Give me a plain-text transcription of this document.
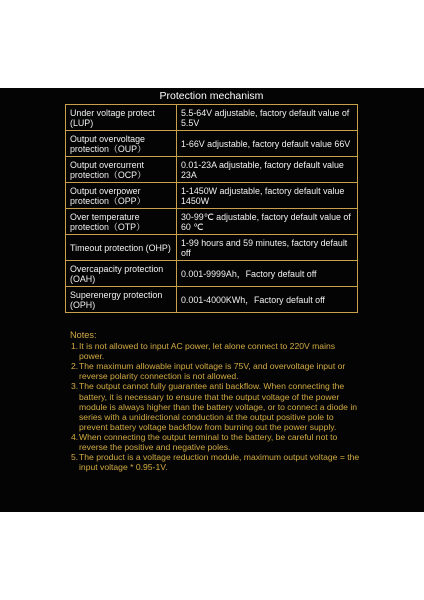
Protection mechanism
Under voltage protect (LUP)	5.5-64V adjustable, factory default value of 5.5V
Output overvoltage protection（OUP）	1-66V adjustable, factory default value 66V
Output overcurrent protection（OCP）	0.01-23A adjustable, factory default value 23A
Output overpower protection（OPP）	1-1450W adjustable, factory default value 1450W
Over temperature protection（OTP）	30-99℃ adjustable, factory default value of 60 ℃
Timeout protection (OHP)	1-99 hours and 59 minutes, factory default off
Overcapacity protection (OAH)	0.001-9999Ah，Factory default off
Superenergy protection (OPH)	0.001-4000KWh，Factory default off
Notes:
1. It is not allowed to input AC power, let alone connect to 220V mains power.
2. The maximum allowable input voltage is 75V, and overvoltage input or reverse polarity connection is not allowed.
3. The output cannot fully guarantee anti backflow. When connecting the battery, it is necessary to ensure that the output voltage of the power module is always higher than the battery voltage, or to connect a diode in series with a unidirectional conduction at the output positive pole to prevent battery voltage backflow from burning out the power supply.
4. When connecting the output terminal to the battery, be careful not to reverse the positive and negative poles.
5. The product is a voltage reduction module, maximum output voltage = the input voltage * 0.95-1V.
